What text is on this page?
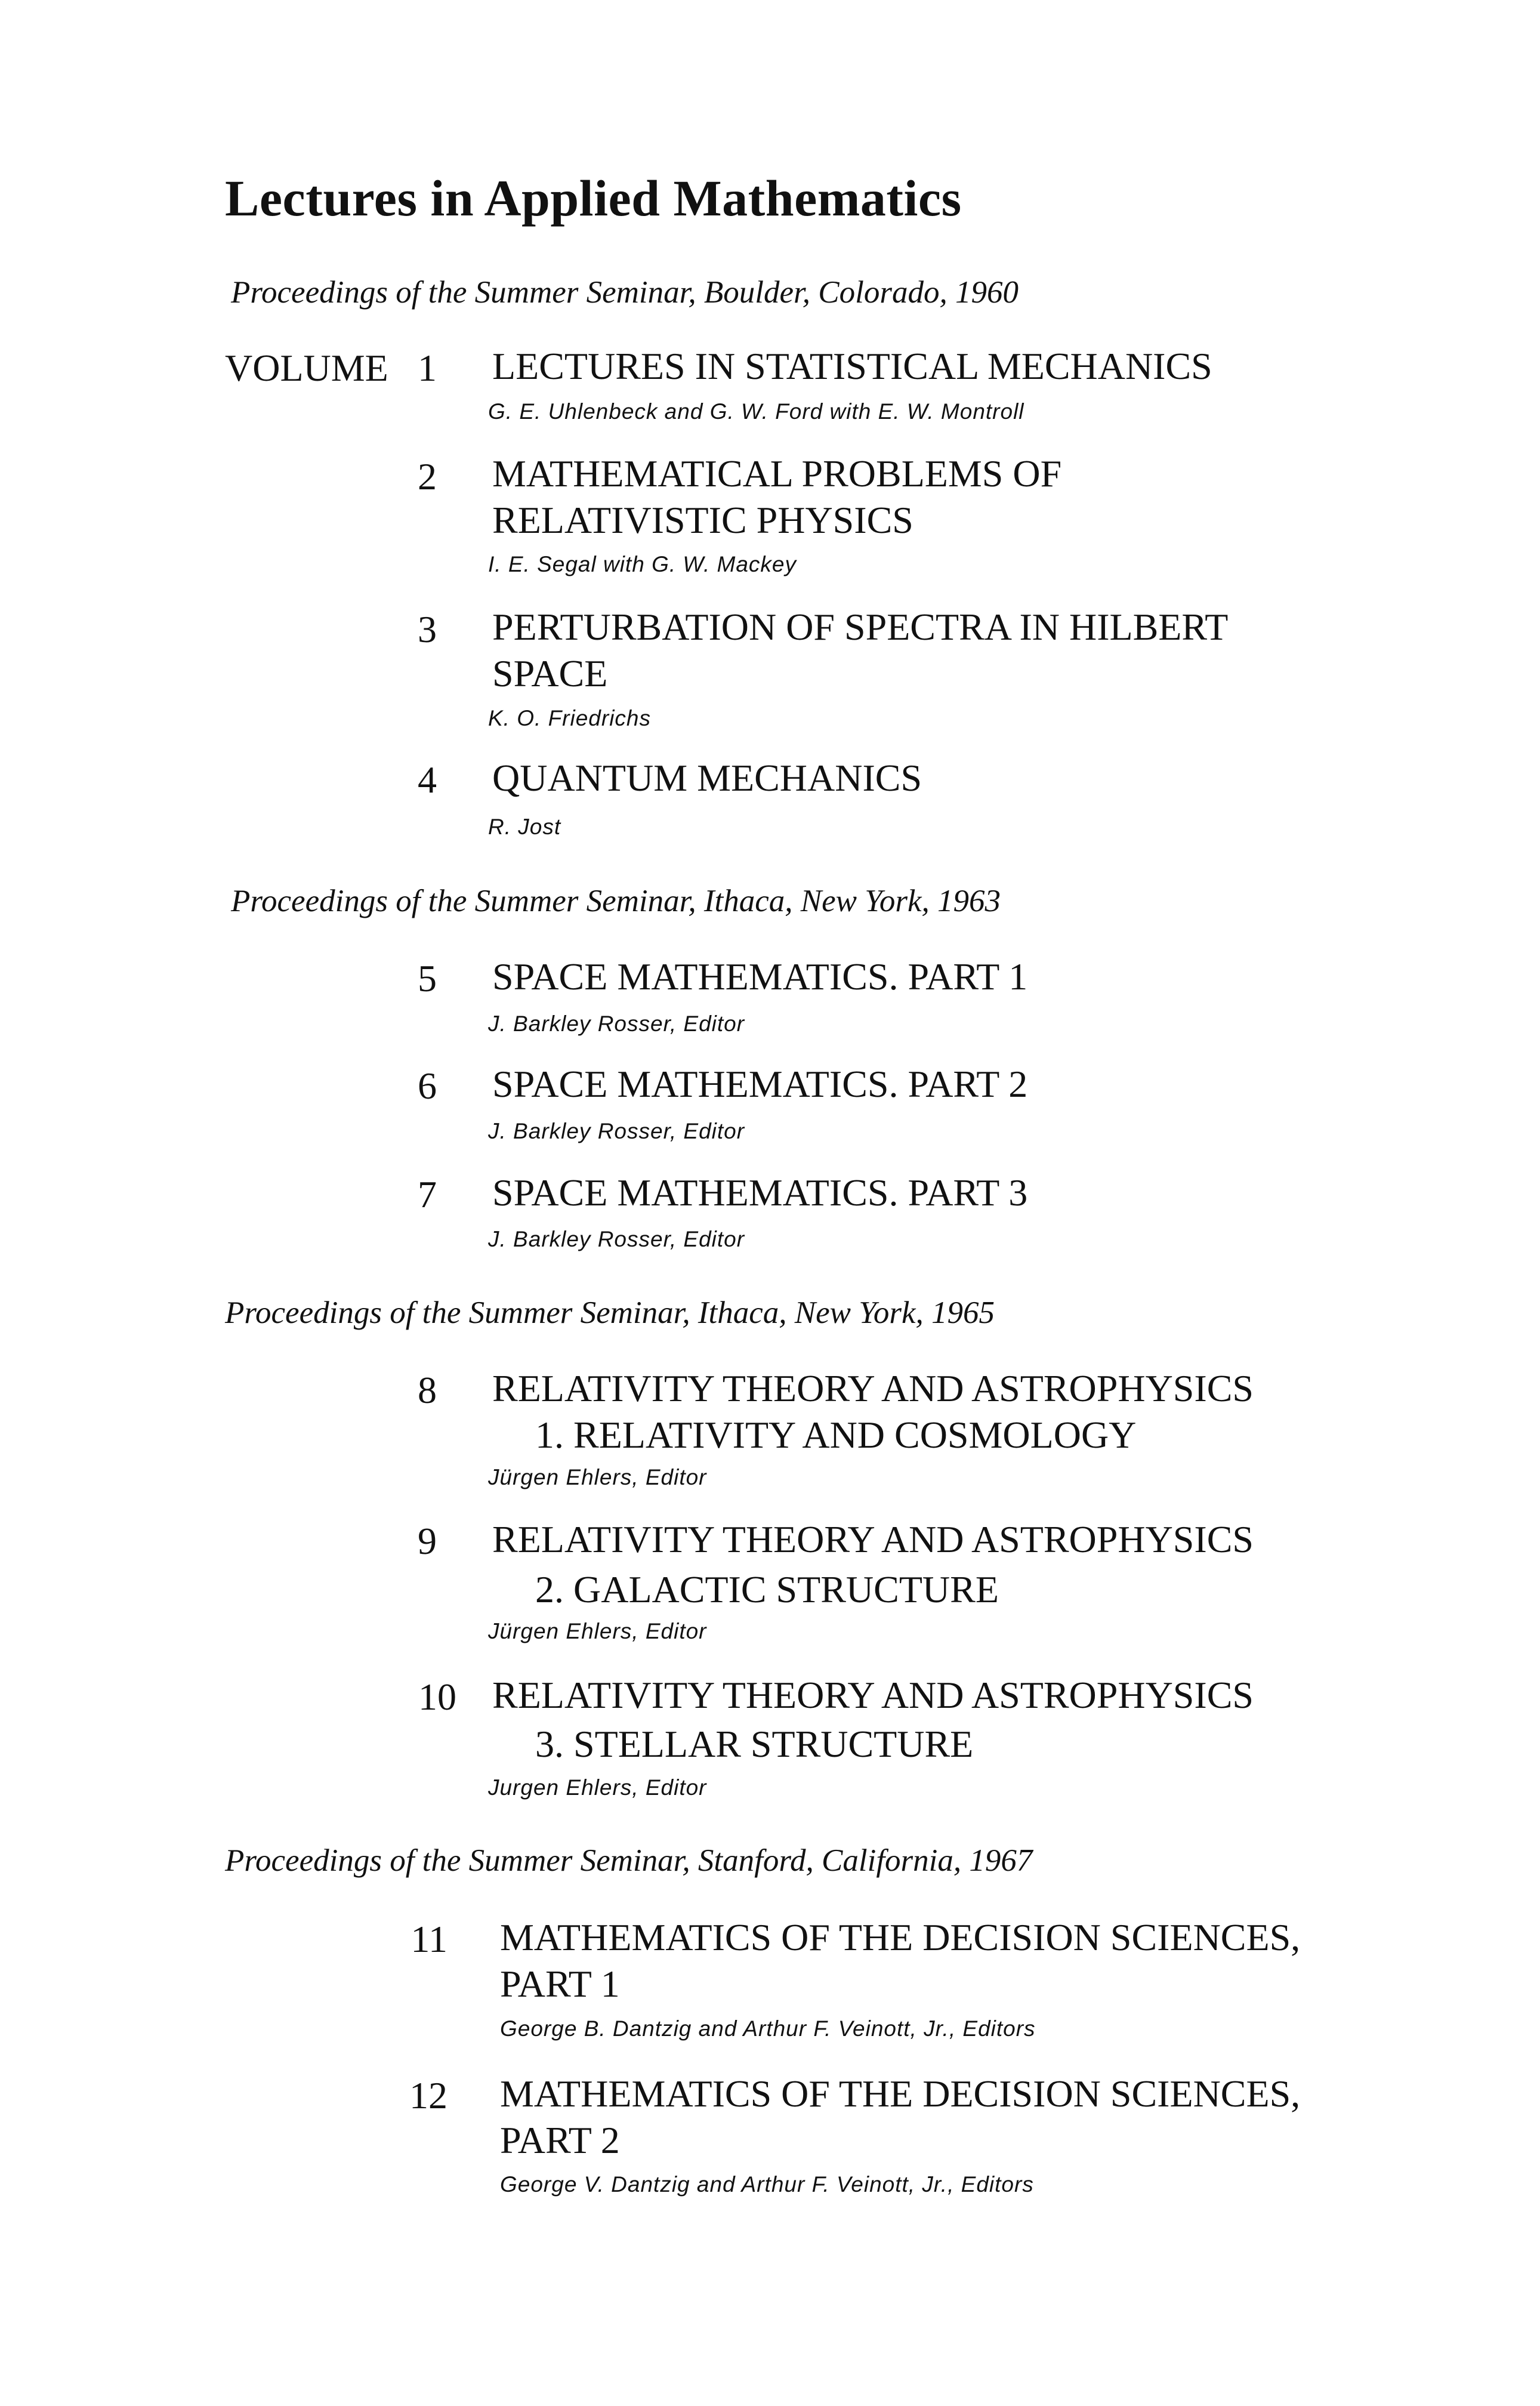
Lectures in Applied Mathematics
Proceedings of the Summer Seminar, Boulder, Colorado, 1960
VOLUME 1 LECTURES IN STATISTICAL MECHANICS
G. E. Uhlenbeck and G. W. Ford with E. W. Montroll
2 MATHEMATICAL PROBLEMS OF
RELATIVISTIC PHYSICS
I. E. Segal with G. W. Mackey
3 PERTURBATION OF SPECTRA IN HILBERT
SPACE
K. O. Friedrichs
4 QUANTUM MECHANICS
R. Jost
Proceedings of the Summer Seminar, Ithaca, New York, 1963
5 SPACE MATHEMATICS. PART 1
J. Barkley Rosser, Editor
6 SPACE MATHEMATICS. PART 2
J. Barkley Rosser, Editor
7 SPACE MATHEMATICS. PART 3
J. Barkley Rosser, Editor
Proceedings of the Summer Seminar, Ithaca, New York, 1965
8 RELATIVITY THEORY AND ASTROPHYSICS
1. RELATIVITY AND COSMOLOGY
Jürgen Ehlers, Editor
9 RELATIVITY THEORY AND ASTROPHYSICS
2. GALACTIC STRUCTURE
Jürgen Ehlers, Editor
10 RELATIVITY THEORY AND ASTROPHYSICS
3. STELLAR STRUCTURE
Jurgen Ehlers, Editor
Proceedings of the Summer Seminar, Stanford, California, 1967
11 MATHEMATICS OF THE DECISION SCIENCES,
PART 1
George B. Dantzig and Arthur F. Veinott, Jr., Editors
12 MATHEMATICS OF THE DECISION SCIENCES,
PART 2
George V. Dantzig and Arthur F. Veinott, Jr., Editors
